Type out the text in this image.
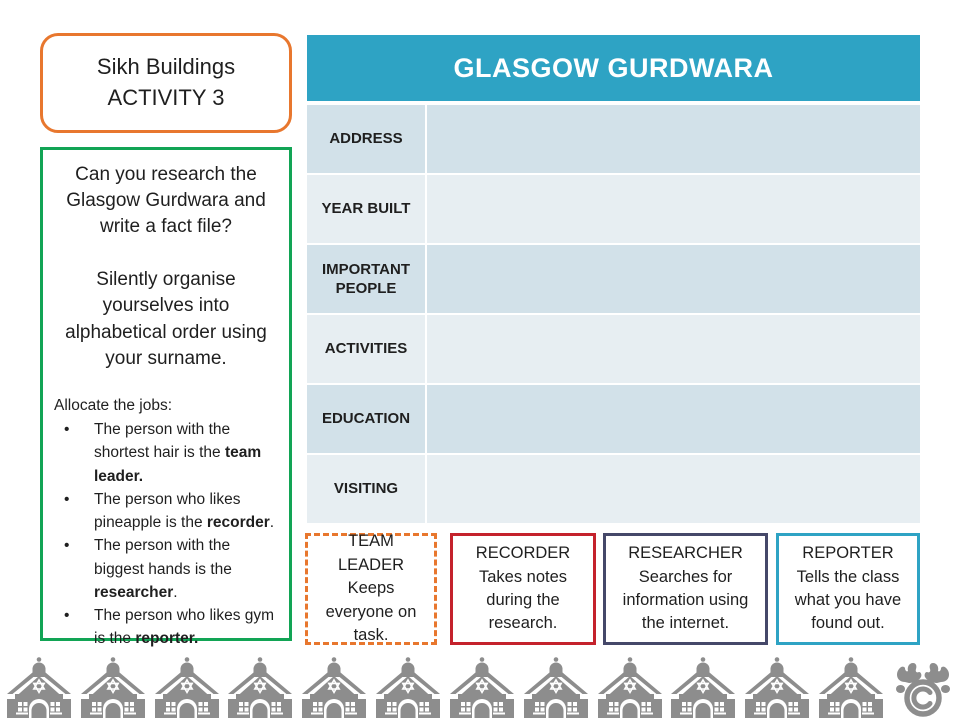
Sikh Buildings
ACTIVITY 3

Can you research the Glasgow Gurdwara and write a fact file?

Silently organise yourselves into alphabetical order using your surname.

Allocate the jobs:

• The person with the shortest hair is the team leader.
• The person who likes pineapple is the recorder.
• The person with the biggest hands is the researcher.
• The person who likes gym is the reporter.
GLASGOW GURDWARA
ADDRESS
YEAR BUILT
IMPORTANT PEOPLE
ACTIVITIES
EDUCATION
VISITING
TEAM LEADER
Keeps everyone on task.
RECORDER
Takes notes during the research.
RESEARCHER
Searches for information using the internet.
REPORTER
Tells the class what you have found out.
